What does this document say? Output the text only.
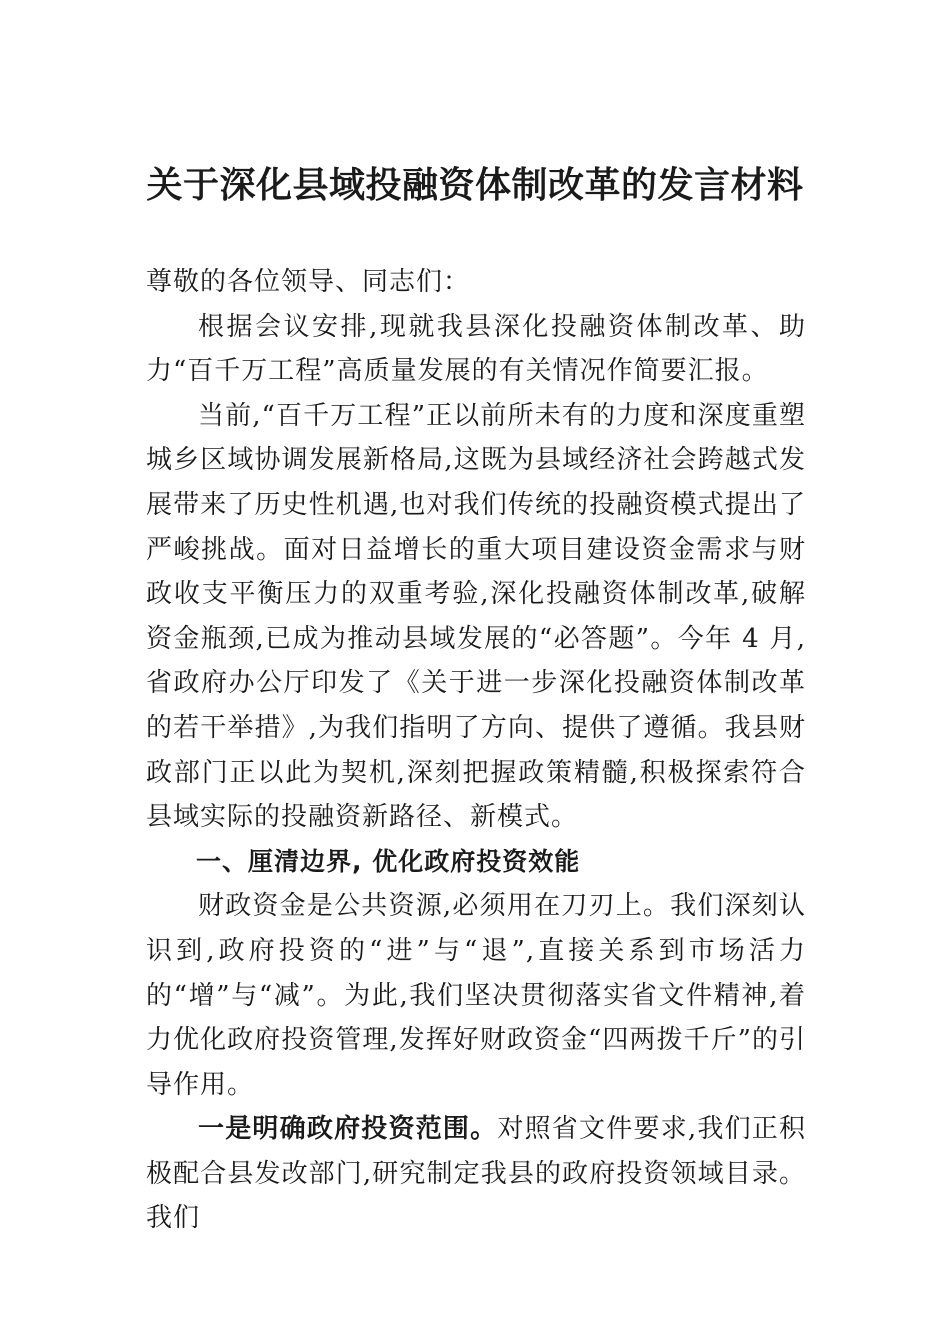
关于深化县域投融资体制改革的发言材料

尊敬的各位领导、同志们：

根据会议安排,现就我县深化投融资体制改革、助力“百千万工程”高质量发展的有关情况作简要汇报。

当前,“百千万工程”正以前所未有的力度和深度重塑城乡区域协调发展新格局,这既为县域经济社会跨越式发展带来了历史性机遇,也对我们传统的投融资模式提出了严峻挑战。面对日益增长的重大项目建设资金需求与财政收支平衡压力的双重考验,深化投融资体制改革,破解资金瓶颈,已成为推动县域发展的“必答题”。今年 4 月,省政府办公厅印发了《关于进一步深化投融资体制改革的若干举措》,为我们指明了方向、提供了遵循。我县财政部门正以此为契机,深刻把握政策精髓,积极探索符合县域实际的投融资新路径、新模式。

一、厘清边界, 优化政府投资效能

财政资金是公共资源,必须用在刀刃上。我们深刻认识到,政府投资的“进”与“退”,直接关系到市场活力的“增”与“减”。为此,我们坚决贯彻落实省文件精神,着力优化政府投资管理,发挥好财政资金“四两拨千斤”的引导作用。

一是明确政府投资范围。对照省文件要求,我们正积极配合县发改部门,研究制定我县的政府投资领域目录。我们
